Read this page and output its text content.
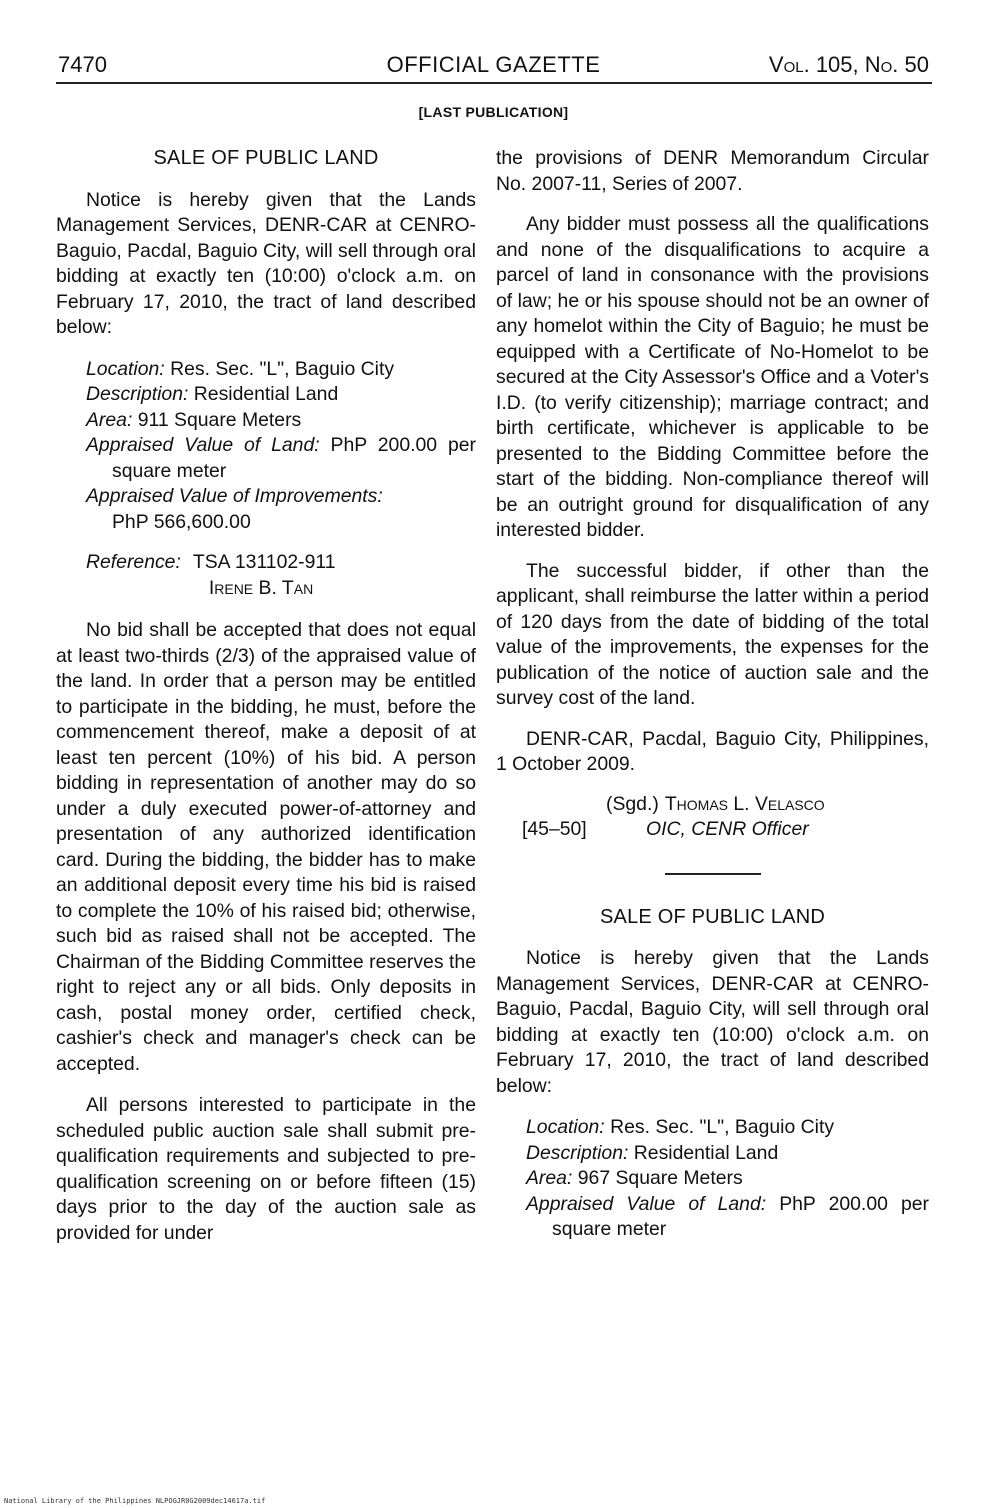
OFFICIAL GAZETTE
7470	Vol. 105, No. 50
[LAST PUBLICATION]

SALE OF PUBLIC LAND

Notice is hereby given that the Lands Management Services, DENR-CAR at CENRO-Baguio, Pacdal, Baguio City, will sell through oral bidding at exactly ten (10:00) o'clock a.m. on February 17, 2010, the tract of land described below:

Location: Res. Sec. "L", Baguio City

Description: Residential Land

Area: 911 Square Meters

Appraised Value of Land: PhP 200.00 per square meter

Appraised Value of Improvements:
PhP 566,600.00

Reference: TSA 131102-911
Irene B. Tan

No bid shall be accepted that does not equal at least two-thirds (2/3) of the appraised value of the land. In order that a person may be entitled to participate in the bidding, he must, before the commencement thereof, make a deposit of at least ten percent (10%) of his bid. A person bidding in representation of another may do so under a duly executed power-of-attorney and presentation of any authorized identification card. During the bidding, the bidder has to make an additional deposit every time his bid is raised to complete the 10% of his raised bid; otherwise, such bid as raised shall not be accepted. The Chairman of the Bidding Committee reserves the right to reject any or all bids. Only deposits in cash, postal money order, certified check, cashier's check and manager's check can be accepted.

All persons interested to participate in the scheduled public auction sale shall submit pre-qualification requirements and subjected to pre-qualification screening on or before fifteen (15) days prior to the day of the auction sale as provided for under

the provisions of DENR Memorandum Circular No. 2007-11, Series of 2007.

Any bidder must possess all the qualifications and none of the disqualifications to acquire a parcel of land in consonance with the provisions of law; he or his spouse should not be an owner of any homelot within the City of Baguio; he must be equipped with a Certificate of No-Homelot to be secured at the City Assessor's Office and a Voter's I.D. (to verify citizenship); marriage contract; and birth certificate, whichever is applicable to be presented to the Bidding Committee before the start of the bidding. Non-compliance thereof will be an outright ground for disqualification of any interested bidder.

The successful bidder, if other than the applicant, shall reimburse the latter within a period of 120 days from the date of bidding of the total value of the improvements, the expenses for the publication of the notice of auction sale and the survey cost of the land.

DENR-CAR, Pacdal, Baguio City, Philippines, 1 October 2009.

(Sgd.) Thomas L. Velasco
[45–50]	OIC, CENR Officer

SALE OF PUBLIC LAND

Notice is hereby given that the Lands Management Services, DENR-CAR at CENRO-Baguio, Pacdal, Baguio City, will sell through oral bidding at exactly ten (10:00) o'clock a.m. on February 17, 2010, the tract of land described below:

Location: Res. Sec. "L", Baguio City

Description: Residential Land

Area: 967 Square Meters

Appraised Value of Land: PhP 200.00 per square meter

National Library of the Philippines NLPOGJR0G2009dec14617a.tif
